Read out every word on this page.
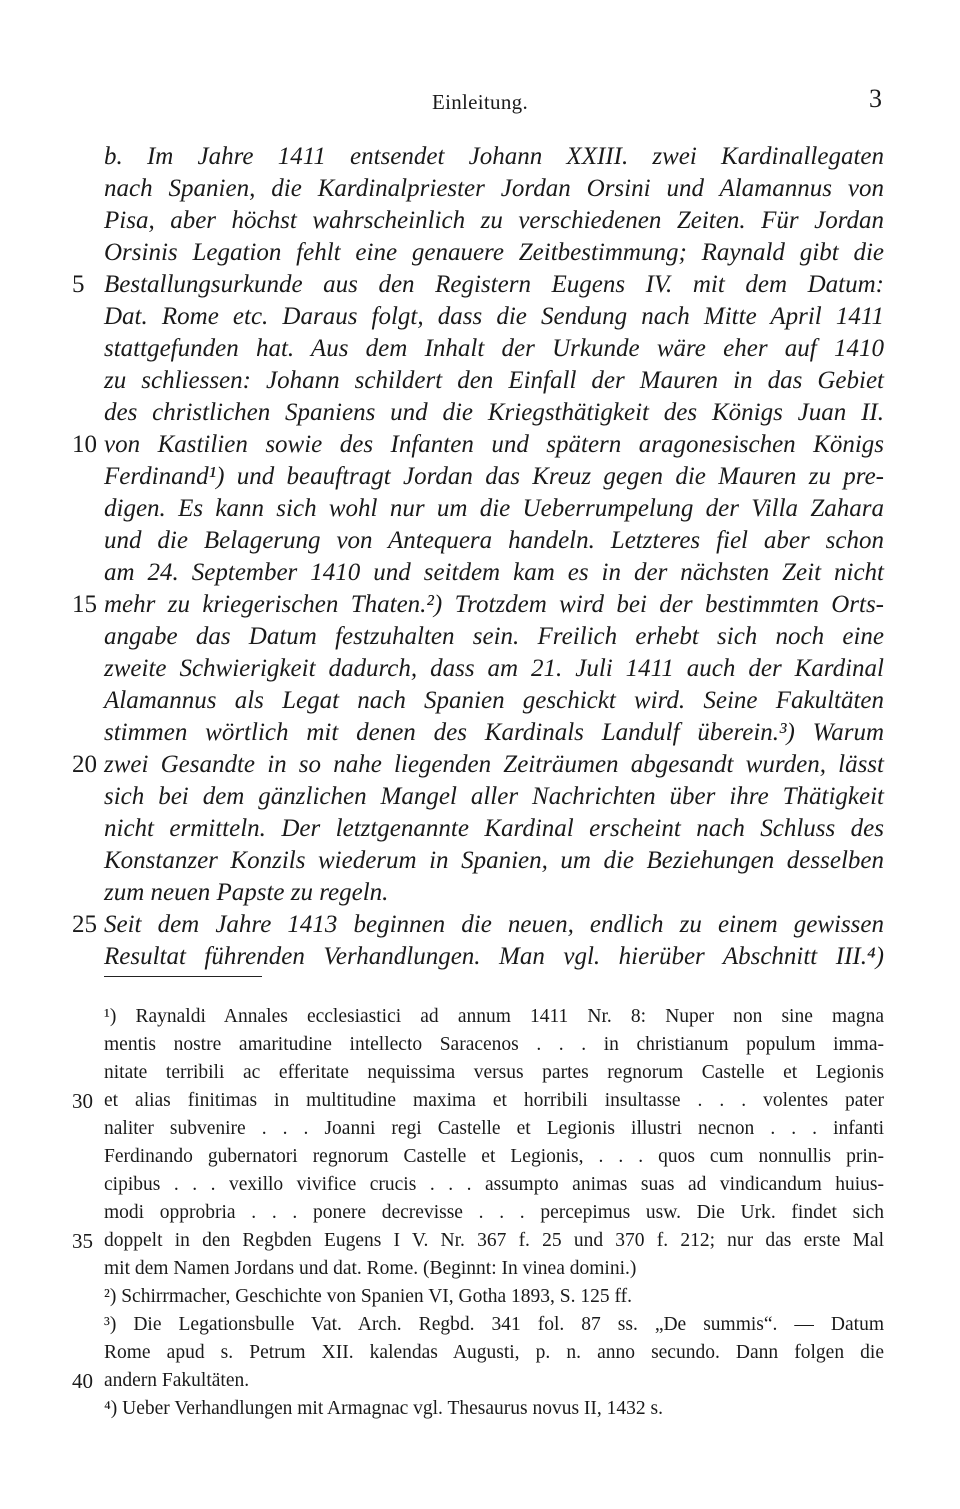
Einleitung.	3
b. Im Jahre 1411 entsendet Johann XXIII. zwei Kardinallegaten
nach Spanien, die Kardinalpriester Jordan Orsini und Alamannus von
Pisa, aber höchst wahrscheinlich zu verschiedenen Zeiten. Für Jordan
Orsinis Legation fehlt eine genauere Zeitbestimmung; Raynald gibt die
Bestallungsurkunde aus den Registern Eugens IV. mit dem Datum:
Dat. Rome etc. Daraus folgt, dass die Sendung nach Mitte April 1411
stattgefunden hat. Aus dem Inhalt der Urkunde wäre eher auf 1410
zu schliessen: Johann schildert den Einfall der Mauren in das Gebiet
des christlichen Spaniens und die Kriegsthätigkeit des Königs Juan II.
von Kastilien sowie des Infanten und spätern aragonesischen Königs
Ferdinand¹) und beauftragt Jordan das Kreuz gegen die Mauren zu pre-
digen. Es kann sich wohl nur um die Ueberrumpelung der Villa Zahara
und die Belagerung von Antequera handeln. Letzteres fiel aber schon
am 24. September 1410 und seitdem kam es in der nächsten Zeit nicht
mehr zu kriegerischen Thaten.²) Trotzdem wird bei der bestimmten Orts-
angabe das Datum festzuhalten sein. Freilich erhebt sich noch eine
zweite Schwierigkeit dadurch, dass am 21. Juli 1411 auch der Kardinal
Alamannus als Legat nach Spanien geschickt wird. Seine Fakultäten
stimmen wörtlich mit denen des Kardinals Landulf überein.³) Warum
zwei Gesandte in so nahe liegenden Zeiträumen abgesandt wurden, lässt
sich bei dem gänzlichen Mangel aller Nachrichten über ihre Thätigkeit
nicht ermitteln. Der letztgenannte Kardinal erscheint nach Schluss des
Konstanzer Konzils wiederum in Spanien, um die Beziehungen desselben
zum neuen Papste zu regeln.
Seit dem Jahre 1413 beginnen die neuen, endlich zu einem gewissen
Resultat führenden Verhandlungen. Man vgl. hierüber Abschnitt III.⁴)
5
10
15
20
25
¹) Raynaldi Annales ecclesiastici ad annum 1411 Nr. 8: Nuper non sine magna
mentis nostre amaritudine intellecto Saracenos . . . in christianum populum imma-
nitate terribili ac efferitate nequissima versus partes regnorum Castelle et Legionis
et alias finitimas in multitudine maxima et horribili insultasse . . . volentes pater
naliter subvenire . . . Joanni regi Castelle et Legionis illustri necnon . . . infanti
Ferdinando gubernatori regnorum Castelle et Legionis, . . . quos cum nonnullis prin-
cipibus . . . vexillo vivifice crucis . . . assumpto animas suas ad vindicandum huius-
modi opprobria . . . ponere decrevisse . . . percepimus usw. Die Urk. findet sich
doppelt in den Regbden Eugens I V. Nr. 367 f. 25 und 370 f. 212; nur das erste Mal
mit dem Namen Jordans und dat. Rome. (Beginnt: In vinea domini.)
²) Schirrmacher, Geschichte von Spanien VI, Gotha 1893, S. 125 ff.
³) Die Legationsbulle Vat. Arch. Regbd. 341 fol. 87 ss. „De summis“. — Datum
Rome apud s. Petrum XII. kalendas Augusti, p. n. anno secundo. Dann folgen die
andern Fakultäten.
⁴) Ueber Verhandlungen mit Armagnac vgl. Thesaurus novus II, 1432 s.
30
35
40
